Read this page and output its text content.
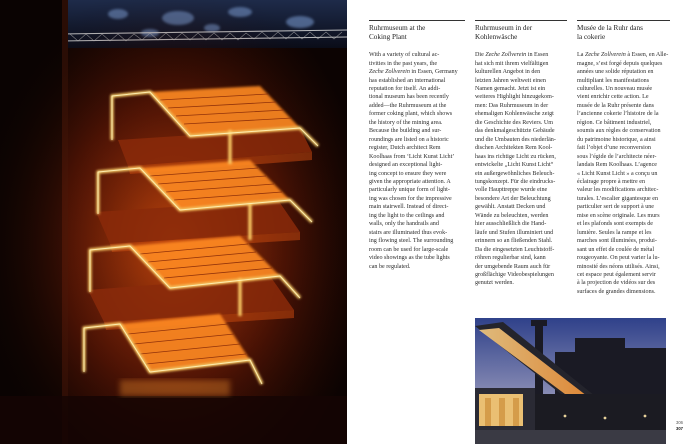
Ruhrmuseum at the
Coking Plant
With a variety of cultural ac-
tivities in the past years, the
Zeche Zollverein in Essen, Germany
has established an international
reputation for itself. An addi-
tional museum has been recently
added—the Ruhrmuseum at the
former coking plant, which shows
the history of the mining area.
Because the building and sur-
roundings are listed on a historic
register, Dutch architect Rem
Koolhaas from ‘Licht Kunst Licht’
designed an exceptional light-
ing concept to ensure they were
given the appropriate attention. A
particularly unique form of light-
ing was chosen for the impressive
main stairwell. Instead of direct-
ing the light to the ceilings and
walls, only the handrails and
stairs are illuminated thus evok-
ing flowing steel. The surrounding
room can be used for large-scale
video showings as the tube lights
can be regulated.
Ruhrmuseum in der
Kohlenwäsche
Die Zeche Zollverein in Essen
hat sich mit ihrem vielfältigen
kulturellen Angebot in den
letzten Jahren weltweit einen
Namen gemacht. Jetzt ist ein
weiteres Highlight hinzugekom-
men: Das Ruhrmuseum in der
ehemaligen Kohlenwäsche zeigt
die Geschichte des Reviers. Um
das denkmalgeschützte Gebäude
und die Umbauten des niederlän-
dischen Architekten Rem Kool-
haas ins richtige Licht zu rücken,
entwickelte „Licht Kunst Licht“
ein außergewöhnliches Beleuch-
tungskonzept. Für die eindrucks-
volle Haupttreppe wurde eine
besondere Art der Beleuchtung
gewählt. Anstatt Decken und
Wände zu beleuchten, werden
hier ausschließlich die Hand-
läufe und Stufen illuminiert und
erinnern so an fließenden Stahl.
Da die eingesetzten Leuchtstoff-
röhren regulierbar sind, kann
der umgebende Raum auch für
großflächige Videobespielungen
genutzt werden.
Musée de la Ruhr dans
la cokerie
La Zeche Zollverein à Essen, en Alle-
magne, s’est forgé depuis quelques
années une solide réputation en
multipliant les manifestations
culturelles. Un nouveau musée
vient enrichir cette action. Le
musée de la Ruhr présente dans
l’ancienne cokerie l’histoire de la
région. Ce bâtiment industriel,
soumis aux règles de conservation
du patrimoine historique, a ainsi
fait l’objet d’une reconversion
sous l’égide de l’architecte néer-
landais Rem Koolhaas. L’agence
« Licht Kunst Licht » a conçu un
éclairage propre à mettre en
valeur les modifications architec-
turales. L’escalier gigantesque en
particulier sert de support à une
mise en scène originale. Les murs
et les plafonds sont exempts de
lumière. Seules la rampe et les
marches sont illuminées, produi-
sant un effet de coulée de métal
rougeoyante. On peut varier la lu-
minosité des néons utilisés. Ainsi,
cet espace peut également servir
à la projection de vidéos sur des
surfaces de grandes dimensions.
306
307
